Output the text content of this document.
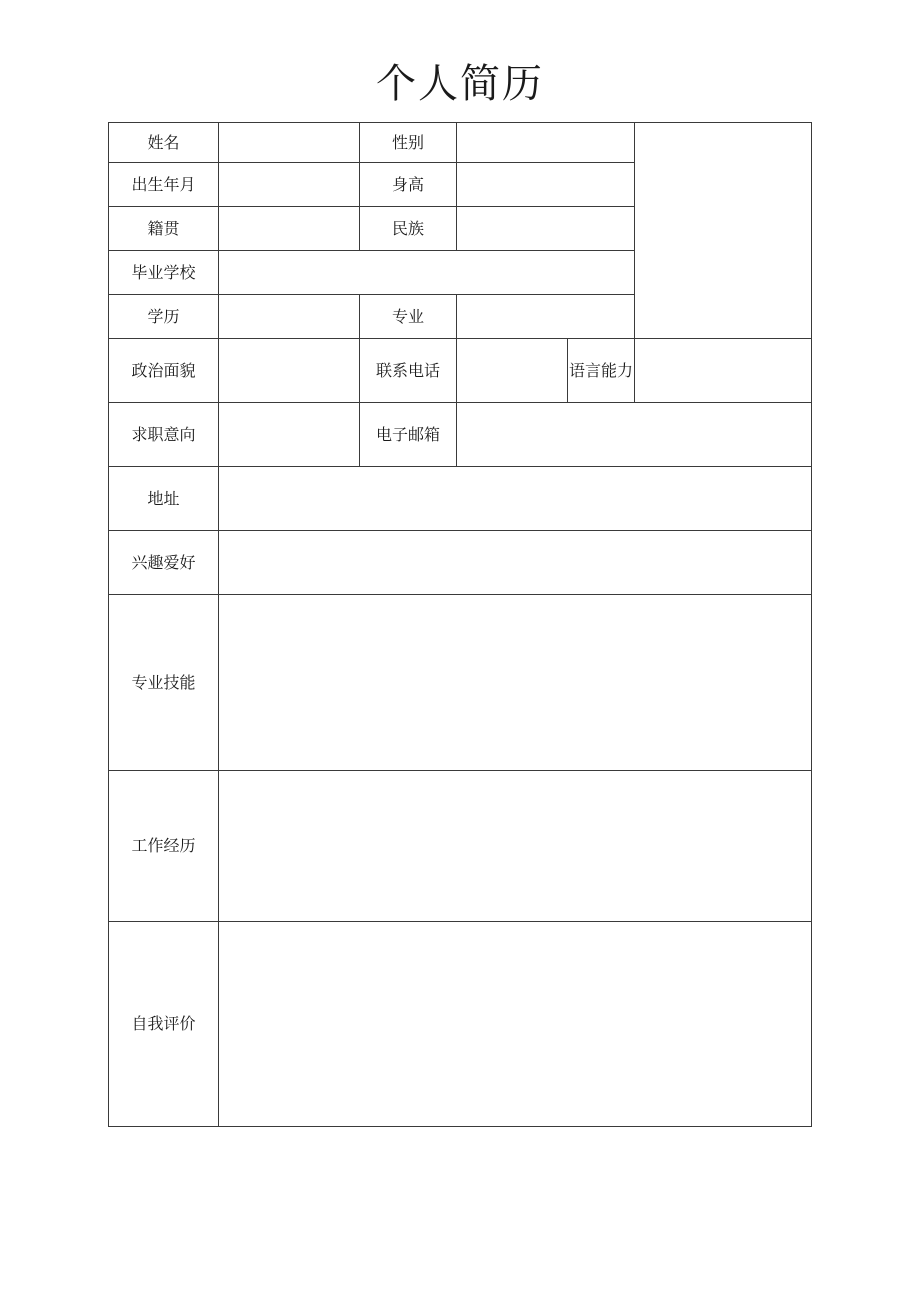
个人简历
姓名		性别			
出生年月		身高			
籍贯		民族			
毕业学校					
学历		专业			
政治面貌		联系电话		语言能力	
求职意向		电子邮箱			
地址					
兴趣爱好					
专业技能					
工作经历					
自我评价					
